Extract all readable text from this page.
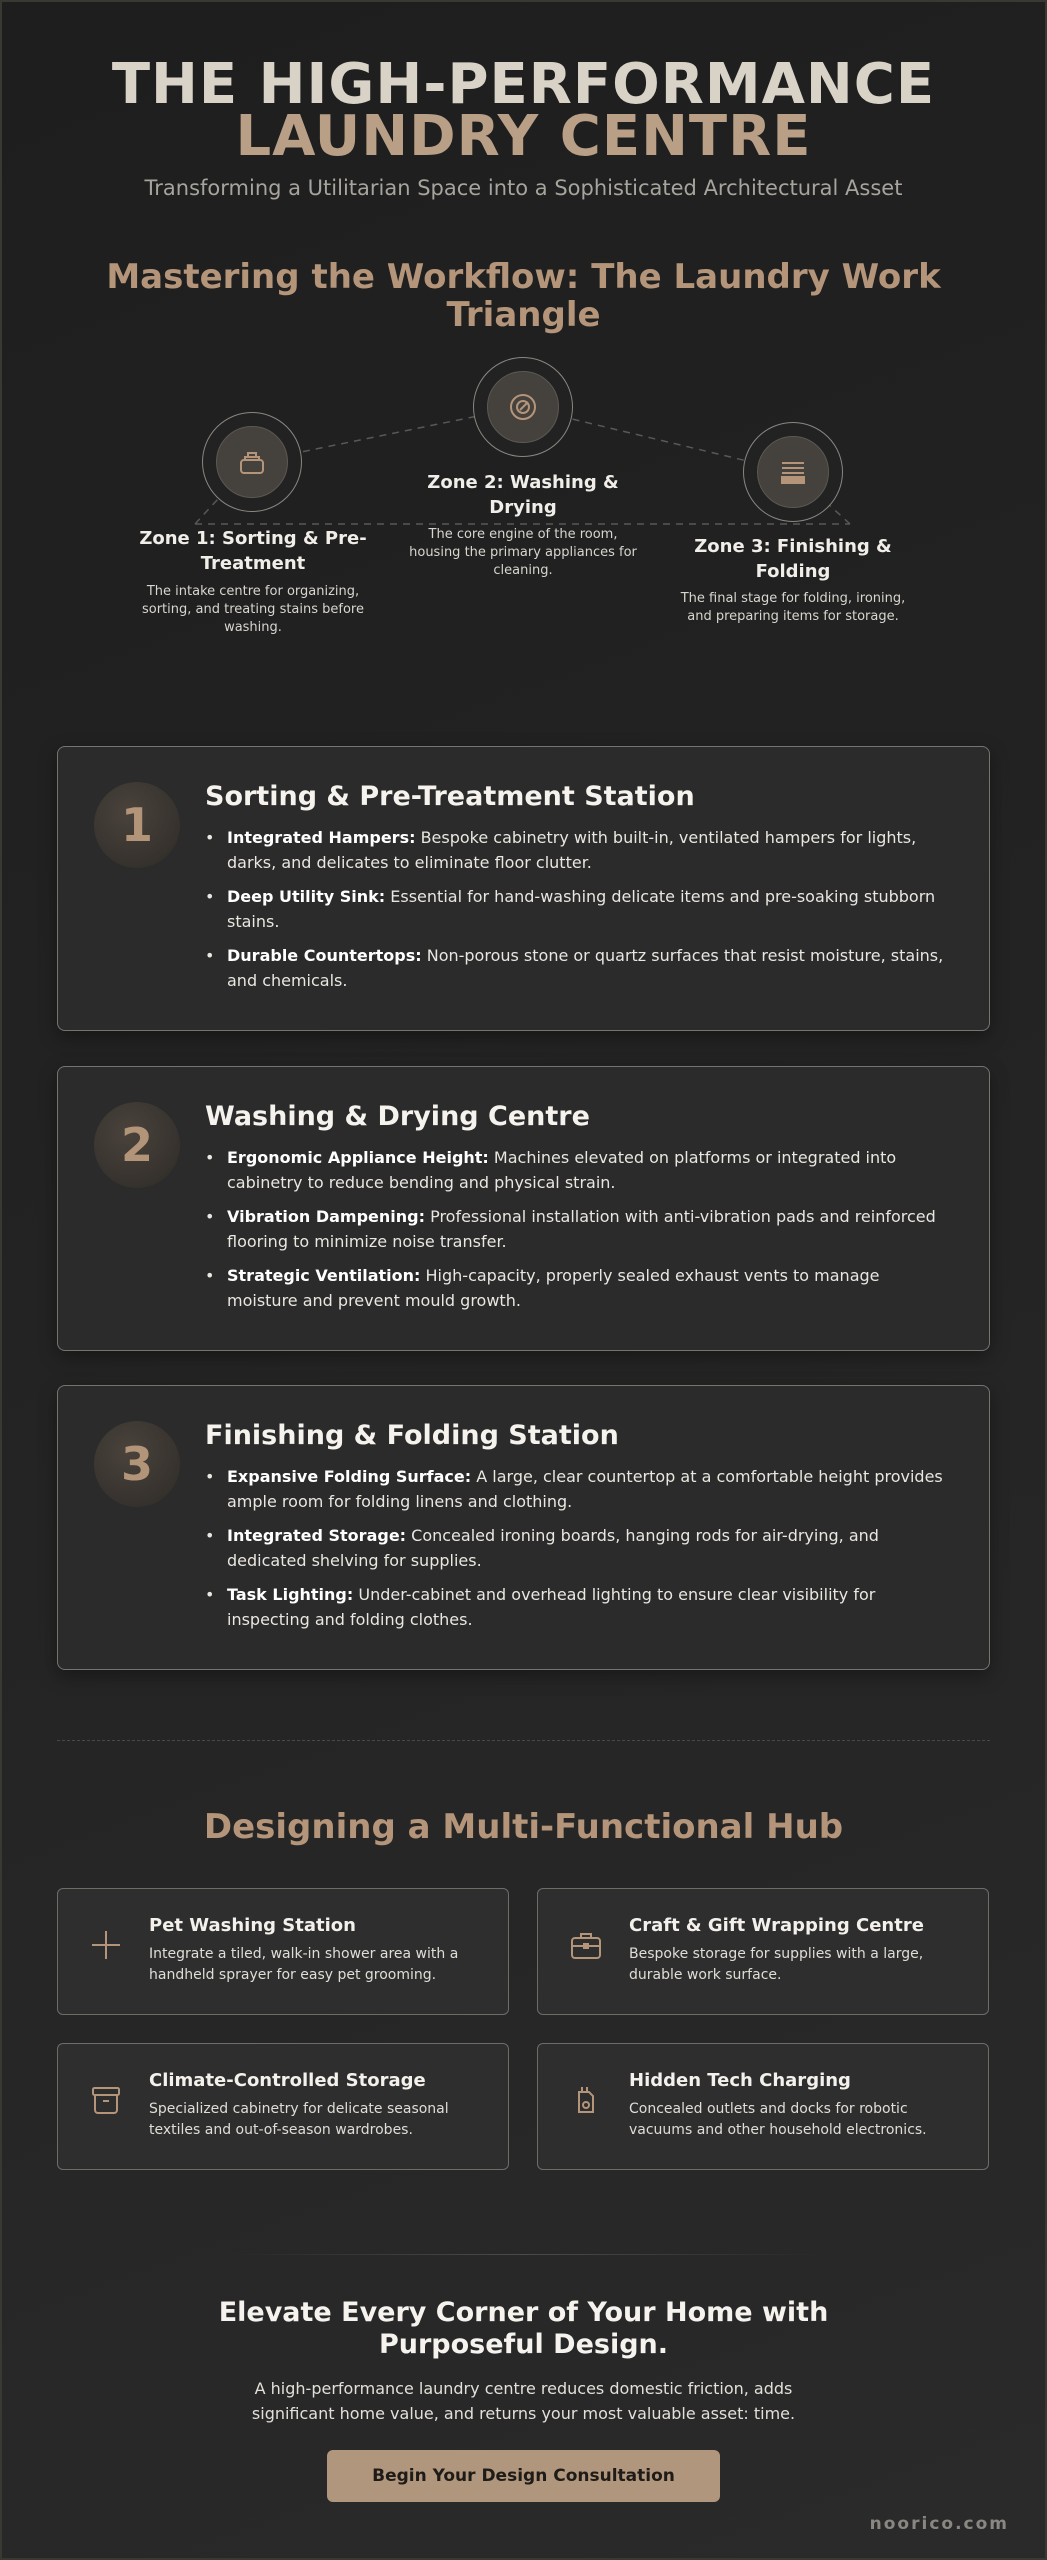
THE HIGH-PERFORMANCE
LAUNDRY CENTRE
Transforming a Utilitarian Space into a Sophisticated Architectural Asset
Mastering the Workflow: The Laundry Work
Triangle
Zone 1: Sorting & Pre-
Treatment
The intake centre for organizing,
sorting, and treating stains before
washing.
Zone 2: Washing &
Drying
The core engine of the room,
housing the primary appliances for
cleaning.
Zone 3: Finishing &
Folding
The final stage for folding, ironing,
and preparing items for storage.
1
Sorting & Pre-Treatment Station
• Integrated Hampers: Bespoke cabinetry with built-in, ventilated hampers for lights, darks, and delicates to eliminate floor clutter.
• Deep Utility Sink: Essential for hand-washing delicate items and pre-soaking stubborn stains.
• Durable Countertops: Non-porous stone or quartz surfaces that resist moisture, stains, and chemicals.
2
Washing & Drying Centre
• Ergonomic Appliance Height: Machines elevated on platforms or integrated into cabinetry to reduce bending and physical strain.
• Vibration Dampening: Professional installation with anti-vibration pads and reinforced flooring to minimize noise transfer.
• Strategic Ventilation: High-capacity, properly sealed exhaust vents to manage moisture and prevent mould growth.
3
Finishing & Folding Station
• Expansive Folding Surface: A large, clear countertop at a comfortable height provides ample room for folding linens and clothing.
• Integrated Storage: Concealed ironing boards, hanging rods for air-drying, and dedicated shelving for supplies.
• Task Lighting: Under-cabinet and overhead lighting to ensure clear visibility for inspecting and folding clothes.
Designing a Multi-Functional Hub
Pet Washing Station
Integrate a tiled, walk-in shower area with a
handheld sprayer for easy pet grooming.
Craft & Gift Wrapping Centre
Bespoke storage for supplies with a large,
durable work surface.
Climate-Controlled Storage
Specialized cabinetry for delicate seasonal
textiles and out-of-season wardrobes.
Hidden Tech Charging
Concealed outlets and docks for robotic
vacuums and other household electronics.
Elevate Every Corner of Your Home with
Purposeful Design.
A high-performance laundry centre reduces domestic friction, adds
significant home value, and returns your most valuable asset: time.
Begin Your Design Consultation
noorico.com
